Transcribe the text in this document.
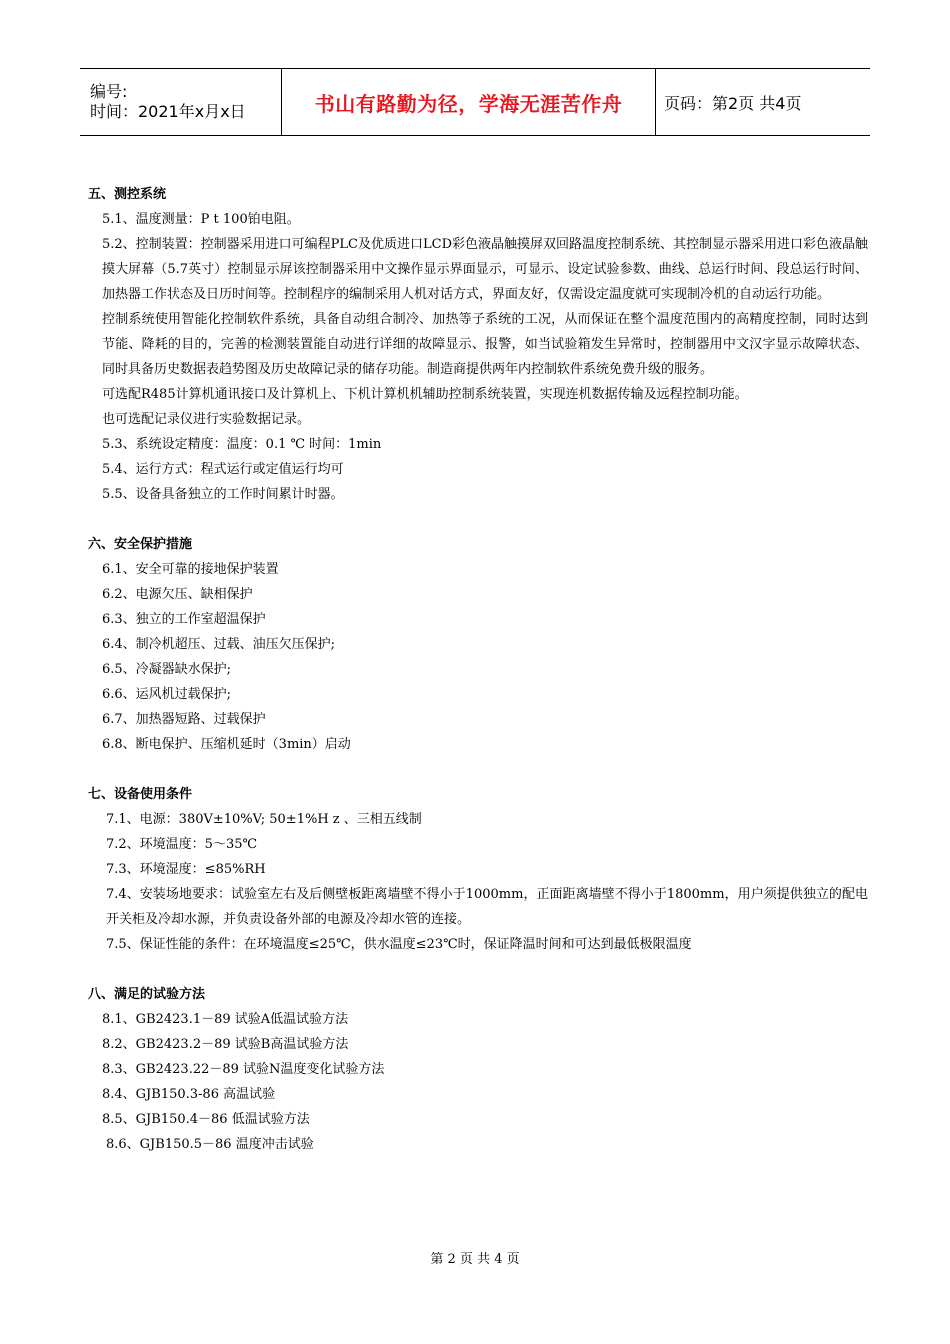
编号:
时间：2021年x月x日	书山有路勤为径，学海无涯苦作舟	页码：第2页 共4页
五、测控系统
5.1、温度测量：P t 100铂电阻。
5.2、控制装置：控制器采用进口可编程PLC及优质进口LCD彩色液晶触摸屏双回路温度控制系统、其控制显示器采用进口彩色液晶触摸大屏幕（5.7英寸）控制显示屏该控制器采用中文操作显示界面显示，可显示、设定试验参数、曲线、总运行时间、段总运行时间、加热器工作状态及日历时间等。控制程序的编制采用人机对话方式，界面友好，仅需设定温度就可实现制冷机的自动运行功能。
控制系统使用智能化控制软件系统，具备自动组合制冷、加热等子系统的工况，从而保证在整个温度范围内的高精度控制，同时达到节能、降耗的目的，完善的检测装置能自动进行详细的故障显示、报警，如当试验箱发生异常时，控制器用中文汉字显示故障状态、同时具备历史数据表趋势图及历史故障记录的储存功能。制造商提供两年内控制软件系统免费升级的服务。
可选配R485计算机通讯接口及计算机上、下机计算机机辅助控制系统装置，实现连机数据传输及远程控制功能。
也可选配记录仪进行实验数据记录。
5.3、系统设定精度：温度：0.1 ℃ 时间：1min
5.4、运行方式：程式运行或定值运行均可
5.5、设备具备独立的工作时间累计时器。
六、安全保护措施
6.1、安全可靠的接地保护装置
6.2、电源欠压、缺相保护
6.3、独立的工作室超温保护
6.4、制冷机超压、过载、油压欠压保护;
6.5、冷凝器缺水保护;
6.6、运风机过载保护;
6.7、加热器短路、过载保护
6.8、断电保护、压缩机延时（3min）启动
七、设备使用条件
7.1、电源：380V±10%V; 50±1%H z 、三相五线制
7.2、环境温度：5～35℃
7.3、环境湿度：≤85%RH
7.4、安装场地要求：试验室左右及后侧壁板距离墙壁不得小于1000mm，正面距离墙壁不得小于1800mm，用户须提供独立的配电开关柜及冷却水源，并负责设备外部的电源及冷却水管的连接。
7.5、保证性能的条件：在环境温度≤25℃，供水温度≤23℃时，保证降温时间和可达到最低极限温度
八、满足的试验方法
8.1、GB2423.1－89 试验A低温试验方法
8.2、GB2423.2－89 试验B高温试验方法
8.3、GB2423.22－89 试验N温度变化试验方法
8.4、GJB150.3-86 高温试验
8.5、GJB150.4－86 低温试验方法
8.6、GJB150.5－86 温度冲击试验
第 2 页 共 4 页
